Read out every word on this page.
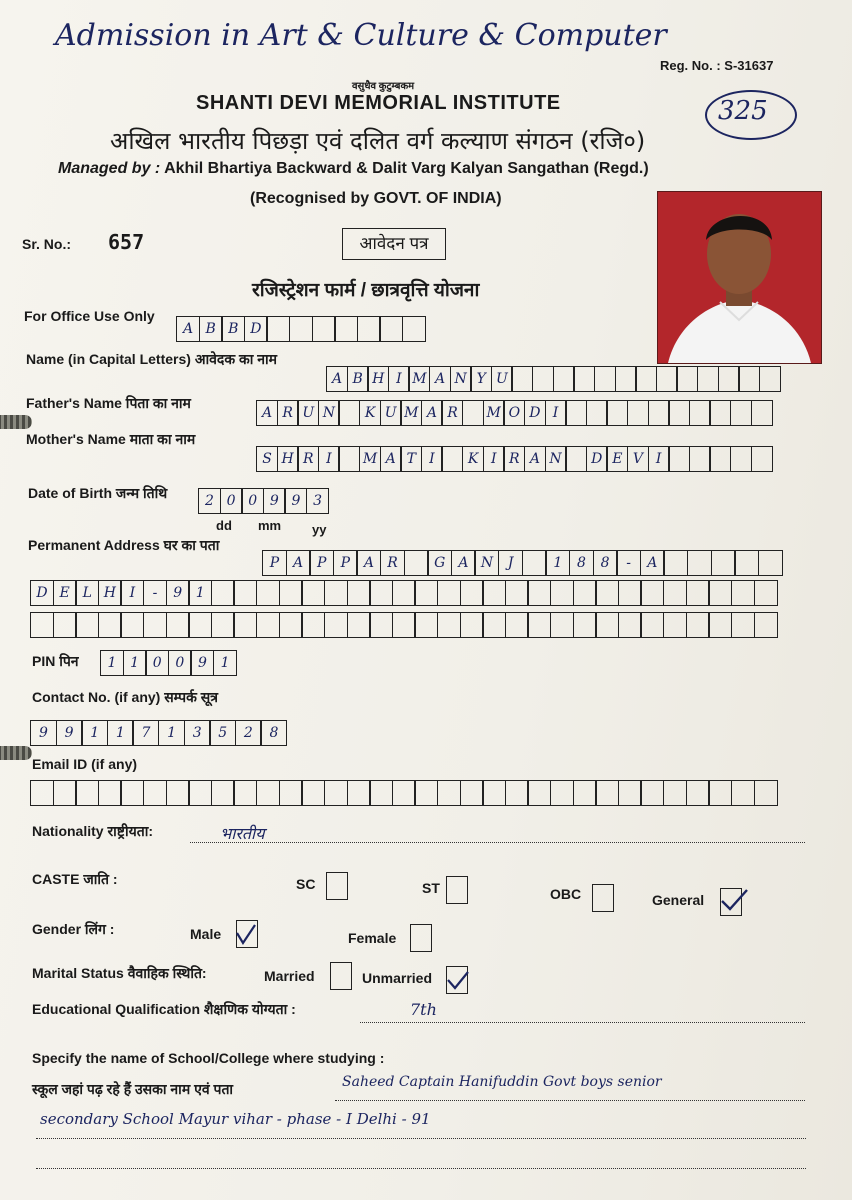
Admission in Art & Culture & Computer
Reg. No. : S-31637
325
वसुधैव कुटुम्बकम
SHANTI DEVI MEMORIAL INSTITUTE
अखिल भारतीय पिछड़ा एवं दलित वर्ग कल्याण संगठन (रजि०)
Managed by : Akhil Bhartiya Backward & Dalit Varg Kalyan Sangathan (Regd.)
(Recognised by GOVT. OF INDIA)
Sr. No.: 657	आवेदन पत्र
रजिस्ट्रेशन फार्म / छात्रवृत्ति योजना
For Office Use Only
A B B D
Name (in Capital Letters) आवेदक का नाम
A B H I M A N Y U
Father's Name पिता का नाम
A R U N	K U M A R	M O D I
Mother's Name माता का नाम
S H R I	M A T I	K I R A N	D E V I
Date of Birth जन्म तिथि	2 0 0 9 9 3
dd mm yy
Permanent Address घर का पता
P A P	P A R	G A N	J	1	8	8	-	A
D E L H I	-	9 1
PIN पिन	1 1 0 0 9 1
Contact No. (if any) सम्पर्क सूत्र
9	9	1	1	7	1	3	5	2	8
Email ID (if any)
Nationality राष्ट्रीयता:	भारतीय
CASTE जाति :	SC	ST	OBC	General
Gender लिंग :	Male	Female
Marital Status वैवाहिक स्थिति:	Married	Unmarried
Educational Qualification शैक्षणिक योग्यता :	7th
Specify the name of School/College where studying :
स्कूल जहां पढ़ रहे हैं उसका नाम एवं पता	Saheed Captain Hanifuddin Govt boys senior
secondary School Mayur vihar - phase - I Delhi - 91
